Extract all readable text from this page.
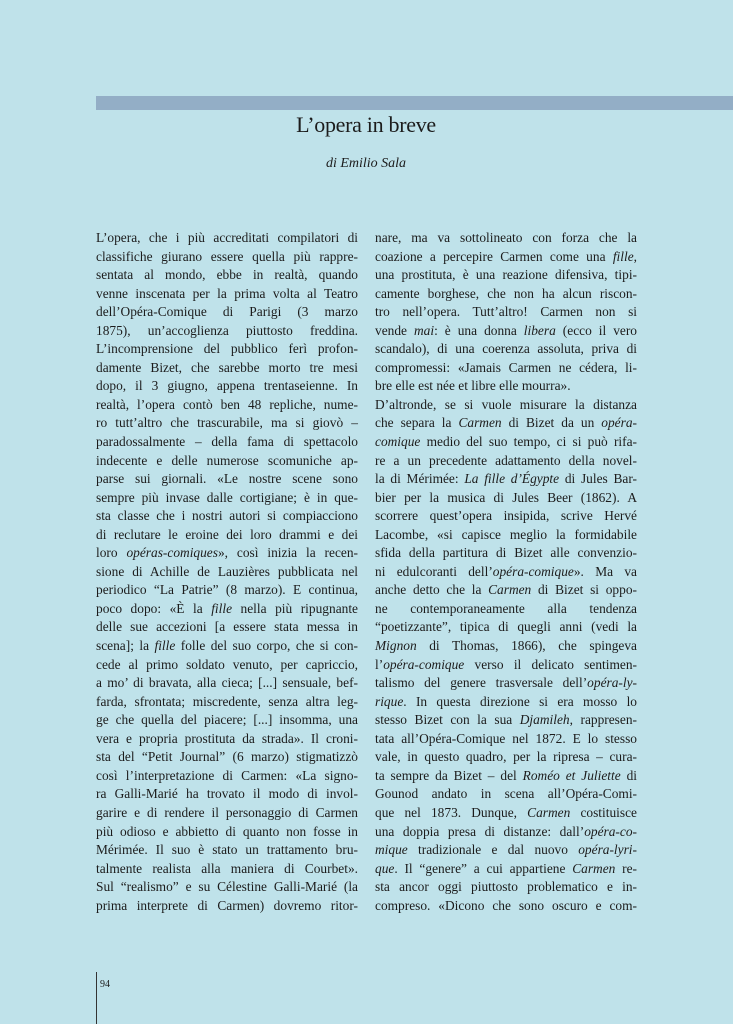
L’opera in breve
di Emilio Sala
L’opera, che i più accreditati compilatori di
classifiche giurano essere quella più rappre-
sentata al mondo, ebbe in realtà, quando
venne inscenata per la prima volta al Teatro
dell’Opéra-Comique di Parigi (3 marzo
1875), un’accoglienza piuttosto freddina.
L’incomprensione del pubblico ferì profon-
damente Bizet, che sarebbe morto tre mesi
dopo, il 3 giugno, appena trentaseienne. In
realtà, l’opera contò ben 48 repliche, nume-
ro tutt’altro che trascurabile, ma si giovò –
paradossalmente – della fama di spettacolo
indecente e delle numerose scomuniche ap-
parse sui giornali. «Le nostre scene sono
sempre più invase dalle cortigiane; è in que-
sta classe che i nostri autori si compiacciono
di reclutare le eroine dei loro drammi e dei
loro opéras-comiques», così inizia la recen-
sione di Achille de Lauzières pubblicata nel
periodico “La Patrie” (8 marzo). E continua,
poco dopo: «È la fille nella più ripugnante
delle sue accezioni [a essere stata messa in
scena]; la fille folle del suo corpo, che si con-
cede al primo soldato venuto, per capriccio,
a mo’ di bravata, alla cieca; [...] sensuale, bef-
farda, sfrontata; miscredente, senza altra leg-
ge che quella del piacere; [...] insomma, una
vera e propria prostituta da strada». Il croni-
sta del “Petit Journal” (6 marzo) stigmatizzò
così l’interpretazione di Carmen: «La signo-
ra Galli-Marié ha trovato il modo di invol-
garire e di rendere il personaggio di Carmen
più odioso e abbietto di quanto non fosse in
Mérimée. Il suo è stato un trattamento bru-
talmente realista alla maniera di Courbet».
Sul “realismo” e su Célestine Galli-Marié (la
prima interprete di Carmen) dovremo ritor-
nare, ma va sottolineato con forza che la
coazione a percepire Carmen come una fille,
una prostituta, è una reazione difensiva, tipi-
camente borghese, che non ha alcun riscon-
tro nell’opera. Tutt’altro! Carmen non si
vende mai: è una donna libera (ecco il vero
scandalo), di una coerenza assoluta, priva di
compromessi: «Jamais Carmen ne cédera, li-
bre elle est née et libre elle mourra».
D’altronde, se si vuole misurare la distanza
che separa la Carmen di Bizet da un opéra-
comique medio del suo tempo, ci si può rifa-
re a un precedente adattamento della novel-
la di Mérimée: La fille d’Égypte di Jules Bar-
bier per la musica di Jules Beer (1862). A
scorrere quest’opera insipida, scrive Hervé
Lacombe, «si capisce meglio la formidabile
sfida della partitura di Bizet alle convenzio-
ni edulcoranti dell’opéra-comique». Ma va
anche detto che la Carmen di Bizet si oppo-
ne contemporaneamente alla tendenza
“poetizzante”, tipica di quegli anni (vedi la
Mignon di Thomas, 1866), che spingeva
l’opéra-comique verso il delicato sentimen-
talismo del genere trasversale dell’opéra-ly-
rique. In questa direzione si era mosso lo
stesso Bizet con la sua Djamileh, rappresen-
tata all’Opéra-Comique nel 1872. E lo stesso
vale, in questo quadro, per la ripresa – cura-
ta sempre da Bizet – del Roméo et Juliette di
Gounod andato in scena all’Opéra-Comi-
que nel 1873. Dunque, Carmen costituisce
una doppia presa di distanze: dall’opéra-co-
mique tradizionale e dal nuovo opéra-lyri-
que. Il “genere” a cui appartiene Carmen re-
sta ancor oggi piuttosto problematico e in-
compreso. «Dicono che sono oscuro e com-
94
